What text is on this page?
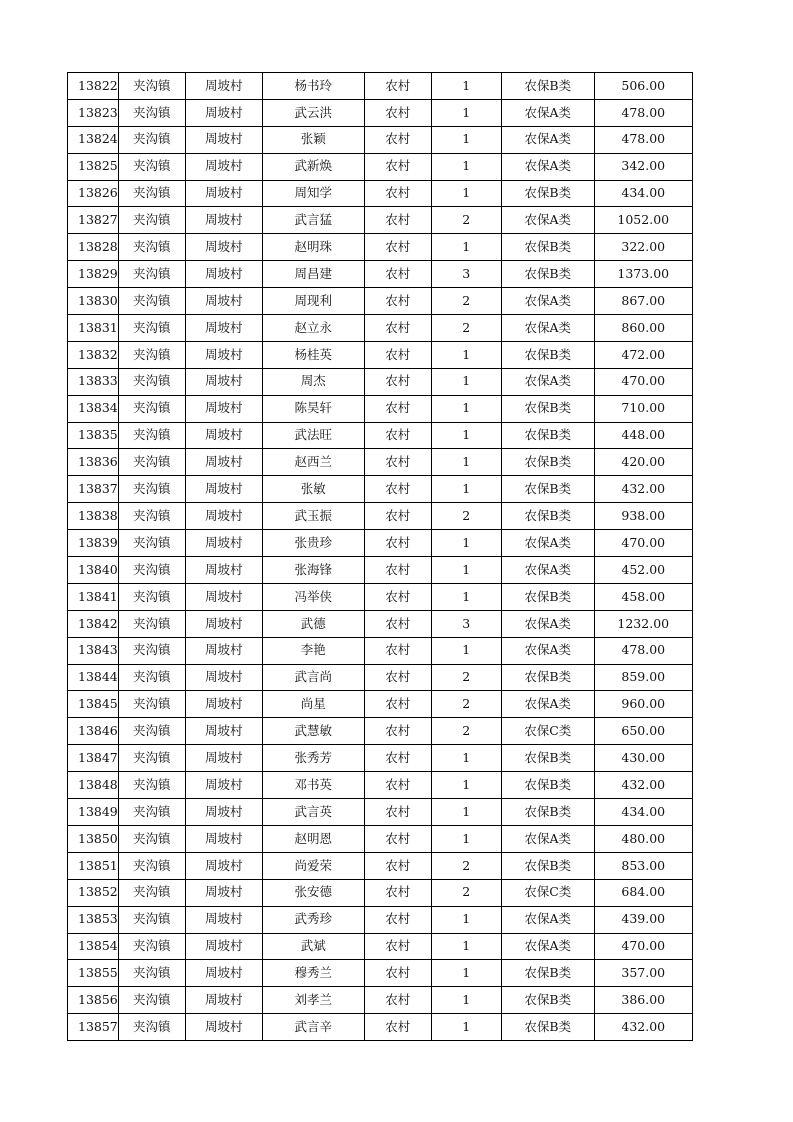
13822	夹沟镇	周坡村	杨书玲	农村	1	农保B类	506.00
13823	夹沟镇	周坡村	武云洪	农村	1	农保A类	478.00
13824	夹沟镇	周坡村	张颖	农村	1	农保A类	478.00
13825	夹沟镇	周坡村	武新焕	农村	1	农保A类	342.00
13826	夹沟镇	周坡村	周知学	农村	1	农保B类	434.00
13827	夹沟镇	周坡村	武言猛	农村	2	农保A类	1052.00
13828	夹沟镇	周坡村	赵明珠	农村	1	农保B类	322.00
13829	夹沟镇	周坡村	周昌建	农村	3	农保B类	1373.00
13830	夹沟镇	周坡村	周现利	农村	2	农保A类	867.00
13831	夹沟镇	周坡村	赵立永	农村	2	农保A类	860.00
13832	夹沟镇	周坡村	杨桂英	农村	1	农保B类	472.00
13833	夹沟镇	周坡村	周杰	农村	1	农保A类	470.00
13834	夹沟镇	周坡村	陈昊轩	农村	1	农保B类	710.00
13835	夹沟镇	周坡村	武法旺	农村	1	农保B类	448.00
13836	夹沟镇	周坡村	赵西兰	农村	1	农保B类	420.00
13837	夹沟镇	周坡村	张敏	农村	1	农保B类	432.00
13838	夹沟镇	周坡村	武玉振	农村	2	农保B类	938.00
13839	夹沟镇	周坡村	张贵珍	农村	1	农保A类	470.00
13840	夹沟镇	周坡村	张海锋	农村	1	农保A类	452.00
13841	夹沟镇	周坡村	冯举侠	农村	1	农保B类	458.00
13842	夹沟镇	周坡村	武德	农村	3	农保A类	1232.00
13843	夹沟镇	周坡村	李艳	农村	1	农保A类	478.00
13844	夹沟镇	周坡村	武言尚	农村	2	农保B类	859.00
13845	夹沟镇	周坡村	尚星	农村	2	农保A类	960.00
13846	夹沟镇	周坡村	武慧敏	农村	2	农保C类	650.00
13847	夹沟镇	周坡村	张秀芳	农村	1	农保B类	430.00
13848	夹沟镇	周坡村	邓书英	农村	1	农保B类	432.00
13849	夹沟镇	周坡村	武言英	农村	1	农保B类	434.00
13850	夹沟镇	周坡村	赵明恩	农村	1	农保A类	480.00
13851	夹沟镇	周坡村	尚爱荣	农村	2	农保B类	853.00
13852	夹沟镇	周坡村	张安德	农村	2	农保C类	684.00
13853	夹沟镇	周坡村	武秀珍	农村	1	农保A类	439.00
13854	夹沟镇	周坡村	武斌	农村	1	农保A类	470.00
13855	夹沟镇	周坡村	穆秀兰	农村	1	农保B类	357.00
13856	夹沟镇	周坡村	刘孝兰	农村	1	农保B类	386.00
13857	夹沟镇	周坡村	武言辛	农村	1	农保B类	432.00
